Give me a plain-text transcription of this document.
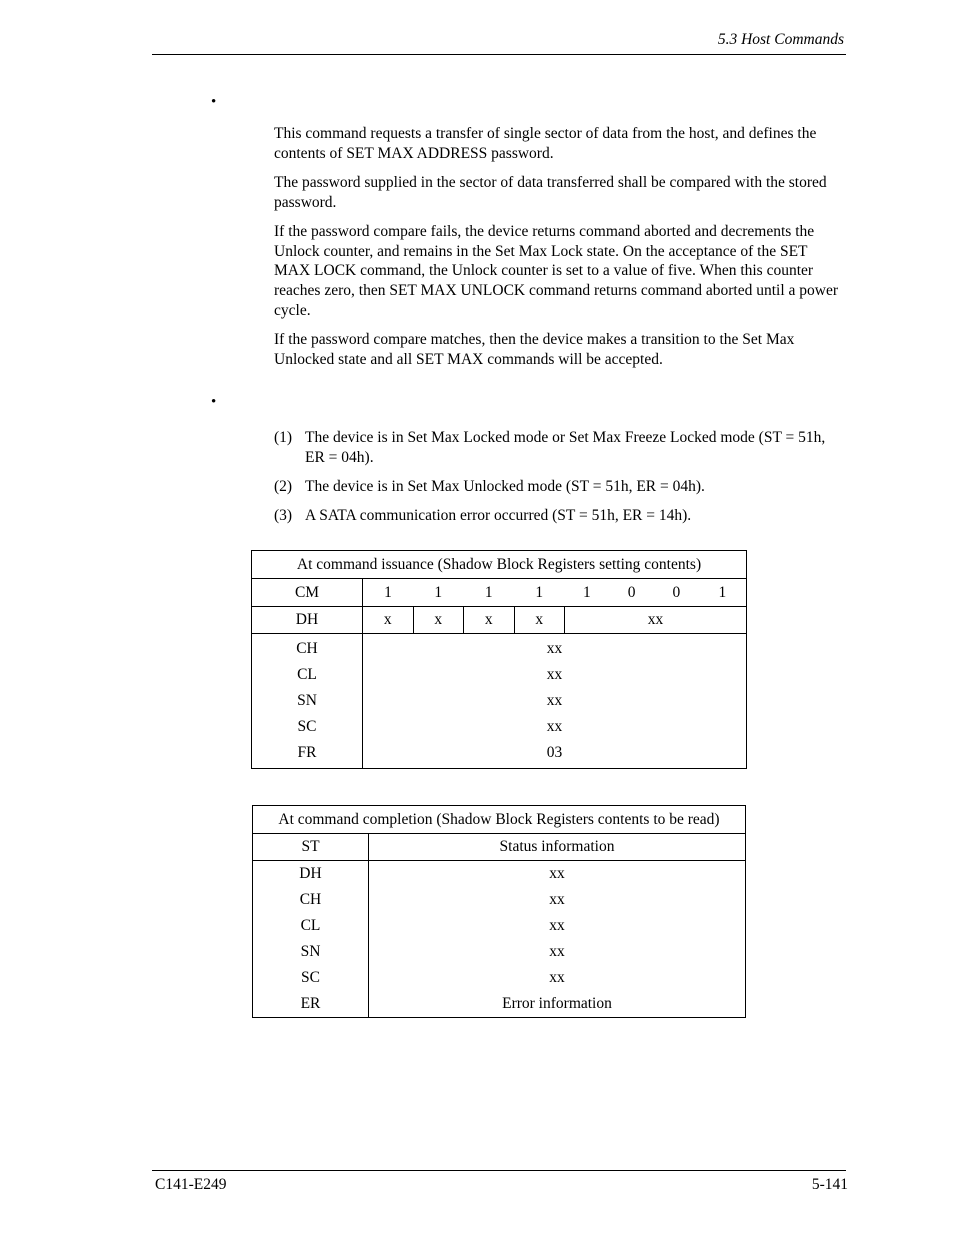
5.3 Host Commands
•

This command requests a transfer of single sector of data from the host, and defines the contents of SET MAX ADDRESS password.

The password supplied in the sector of data transferred shall be compared with the stored password.

If the password compare fails, the device returns command aborted and decrements the Unlock counter, and remains in the Set Max Lock state. On the acceptance of the SET MAX LOCK command, the Unlock counter is set to a value of five. When this counter reaches zero, then SET MAX UNLOCK command returns command aborted until a power cycle.

If the password compare matches, then the device makes a transition to the Set Max Unlocked state and all SET MAX commands will be accepted.

•
(1) The device is in Set Max Locked mode or Set Max Freeze Locked mode (ST = 51h, ER = 04h).
(2) The device is in Set Max Unlocked mode (ST = 51h, ER = 04h).
(3) A SATA communication error occurred (ST = 51h, ER = 14h).
At command issuance (Shadow Block Registers setting contents)								
CM	1	1	1	1	1	0	0	1
DH	x	x	x	x	xx			
CH	xx							
CL	xx							
SN	xx							
SC	xx							
FR	03							
At command completion (Shadow Block Registers contents to be read)	
ST	Status information
DH	xx
CH	xx
CL	xx
SN	xx
SC	xx
ER	Error information
C141-E249	5-141
